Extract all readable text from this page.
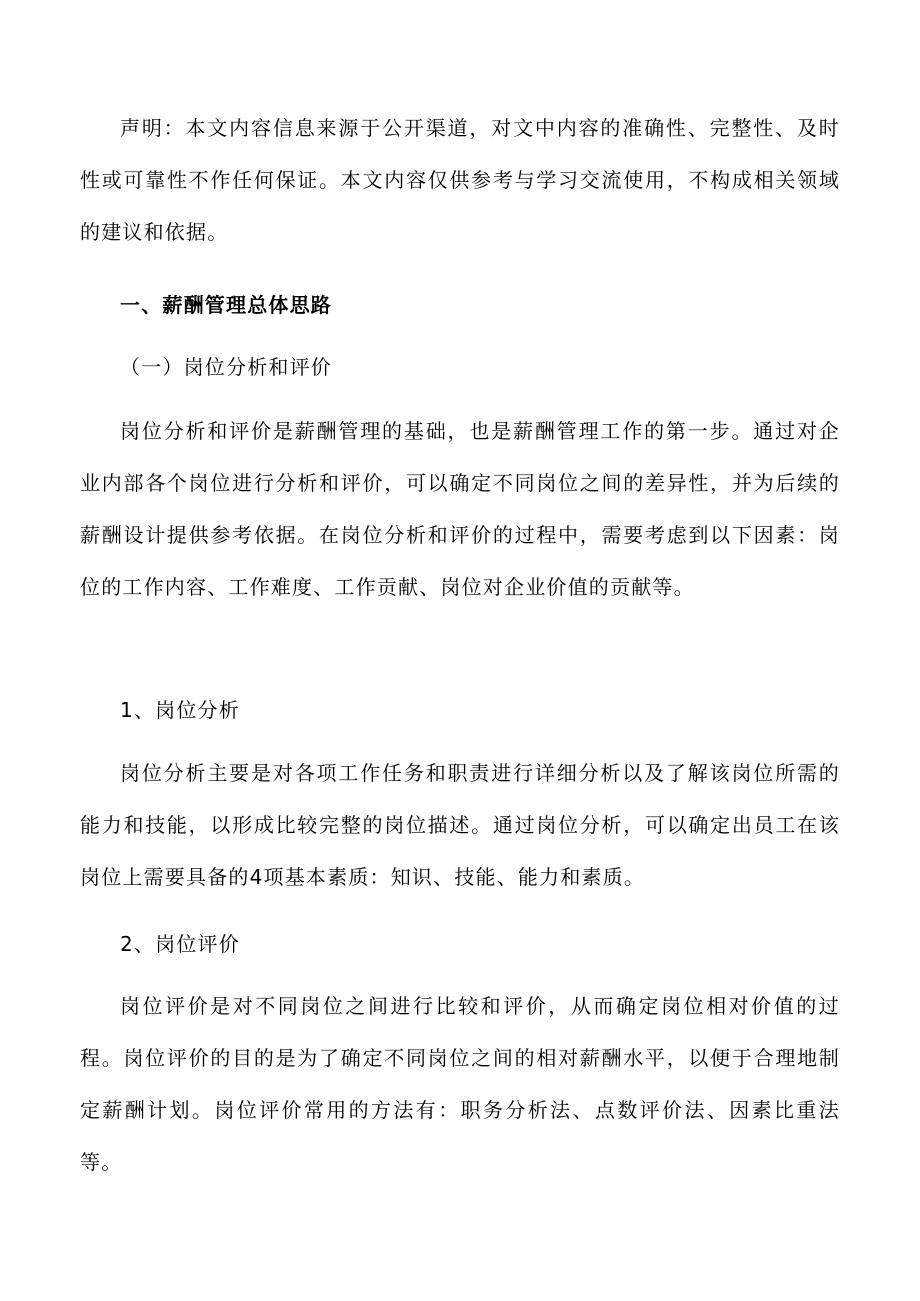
声明：本文内容信息来源于公开渠道，对文中内容的准确性、完整性、及时性或可靠性不作任何保证。本文内容仅供参考与学习交流使用，不构成相关领域的建议和依据。

一、薪酬管理总体思路

（一）岗位分析和评价

岗位分析和评价是薪酬管理的基础，也是薪酬管理工作的第一步。通过对企业内部各个岗位进行分析和评价，可以确定不同岗位之间的差异性，并为后续的薪酬设计提供参考依据。在岗位分析和评价的过程中，需要考虑到以下因素：岗位的工作内容、工作难度、工作贡献、岗位对企业价值的贡献等。

1、岗位分析

岗位分析主要是对各项工作任务和职责进行详细分析以及了解该岗位所需的能力和技能，以形成比较完整的岗位描述。通过岗位分析，可以确定出员工在该岗位上需要具备的4项基本素质：知识、技能、能力和素质。

2、岗位评价

岗位评价是对不同岗位之间进行比较和评价，从而确定岗位相对价值的过程。岗位评价的目的是为了确定不同岗位之间的相对薪酬水平，以便于合理地制定薪酬计划。岗位评价常用的方法有：职务分析法、点数评价法、因素比重法等。
